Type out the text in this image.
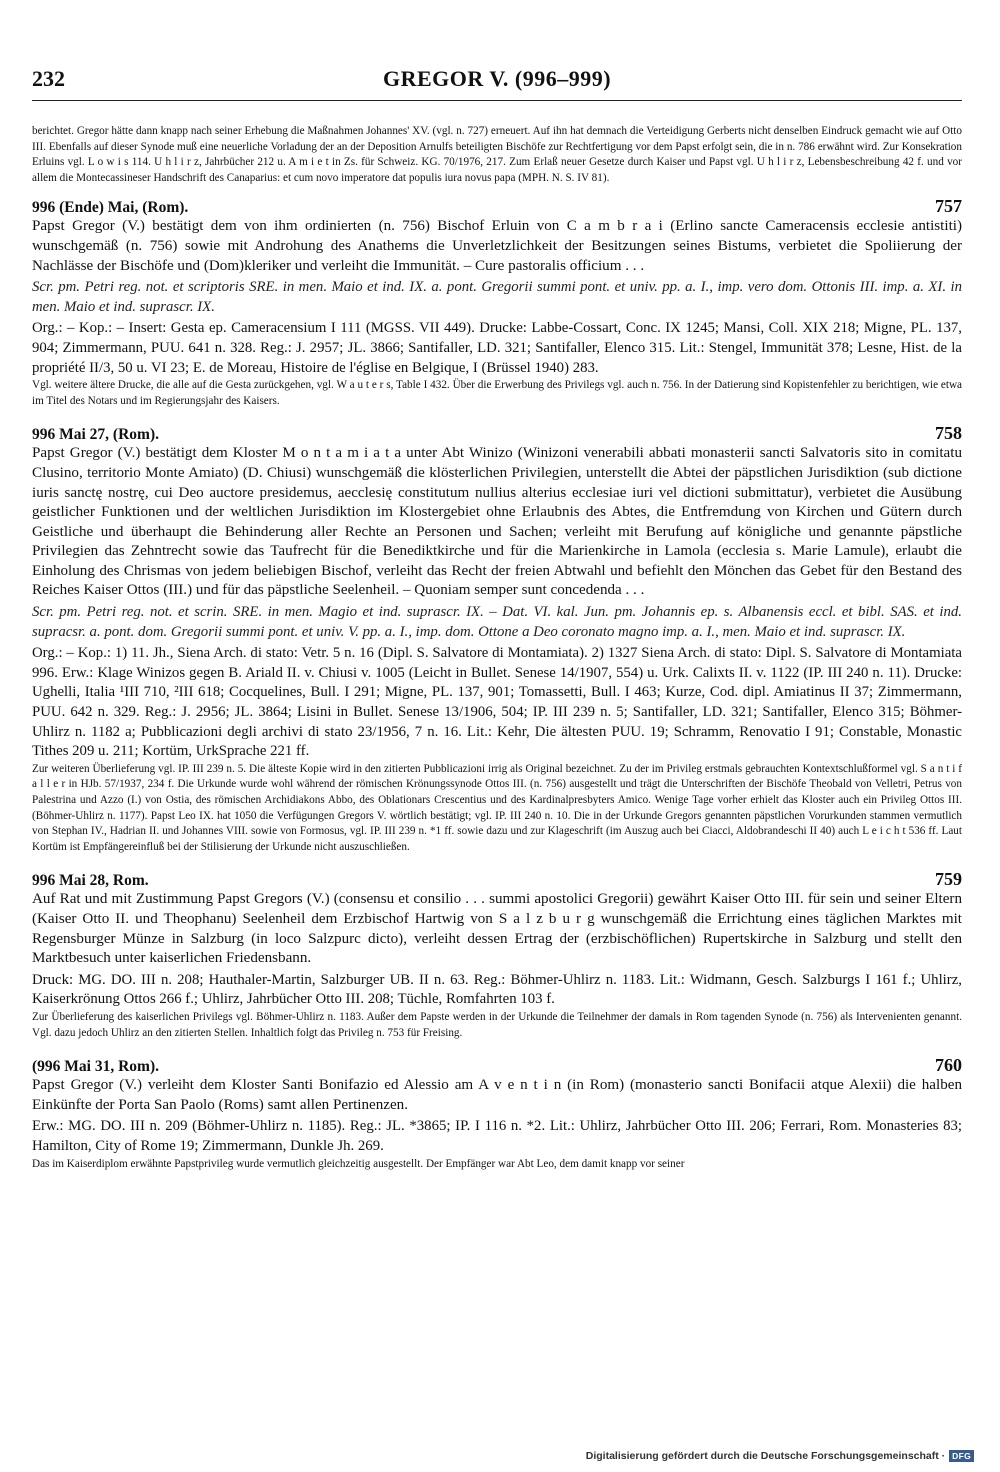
232	GREGOR V. (996–999)

berichtet. Gregor hätte dann knapp nach seiner Erhebung die Maßnahmen Johannes' XV. (vgl. n. 727) erneuert. Auf ihn hat demnach die Verteidigung Gerberts nicht denselben Eindruck gemacht wie auf Otto III. Ebenfalls auf dieser Synode muß eine neuerliche Vorladung der an der Deposition Arnulfs beteiligten Bischöfe zur Rechtfertigung vor dem Papst erfolgt sein, die in n. 786 erwähnt wird. Zur Konsekration Erluins vgl. L o w i s 114. U h l i r z, Jahrbücher 212 u. A m i e t in Zs. für Schweiz. KG. 70/1976, 217. Zum Erlaß neuer Gesetze durch Kaiser und Papst vgl. U h l i r z, Lebensbeschreibung 42 f. und vor allem die Montecassineser Handschrift des Canaparius: et cum novo imperatore dat populis iura novus papa (MPH. N. S. IV 81).

996 (Ende) Mai, (Rom).	757

Papst Gregor (V.) bestätigt dem von ihm ordinierten (n. 756) Bischof Erluin von C a m b r a i (Erlino sancte Cameracensis ecclesie antistiti) wunschgemäß (n. 756) sowie mit Androhung des Anathems die Unverletzlichkeit der Besitzungen seines Bistums, verbietet die Spoliierung der Nachlässe der Bischöfe und (Dom)kleriker und verleiht die Immunität. – Cure pastoralis officium . . .

Scr. pm. Petri reg. not. et scriptoris SRE. in men. Maio et ind. IX. a. pont. Gregorii summi pont. et univ. pp. a. I., imp. vero dom. Ottonis III. imp. a. XI. in men. Maio et ind. suprascr. IX.

Org.: – Kop.: – Insert: Gesta ep. Cameracensium I 111 (MGSS. VII 449). Drucke: Labbe-Cossart, Conc. IX 1245; Mansi, Coll. XIX 218; Migne, PL. 137, 904; Zimmermann, PUU. 641 n. 328. Reg.: J. 2957; JL. 3866; Santifaller, LD. 321; Santifaller, Elenco 315. Lit.: Stengel, Immunität 378; Lesne, Hist. de la propriété II/3, 50 u. VI 23; E. de Moreau, Histoire de l'église en Belgique, I (Brüssel 1940) 283.

Vgl. weitere ältere Drucke, die alle auf die Gesta zurückgehen, vgl. W a u t e r s, Table I 432. Über die Erwerbung des Privilegs vgl. auch n. 756. In der Datierung sind Kopistenfehler zu berichtigen, wie etwa im Titel des Notars und im Regierungsjahr des Kaisers.

996 Mai 27, (Rom).	758

Papst Gregor (V.) bestätigt dem Kloster M o n t a m i a t a unter Abt Winizo (Winizoni venerabili abbati monasterii sancti Salvatoris sito in comitatu Clusino, territorio Monte Amiato) (D. Chiusi) wunschgemäß die klösterlichen Privilegien, unterstellt die Abtei der päpstlichen Jurisdiktion (sub dictione iuris sanctę nostrę, cui Deo auctore presidemus, aecclesię constitutum nullius alterius ecclesiae iuri vel dictioni submittatur), verbietet die Ausübung geistlicher Funktionen und der weltlichen Jurisdiktion im Klostergebiet ohne Erlaubnis des Abtes, die Entfremdung von Kirchen und Gütern durch Geistliche und überhaupt die Behinderung aller Rechte an Personen und Sachen; verleiht mit Berufung auf königliche und genannte päpstliche Privilegien das Zehntrecht sowie das Taufrecht für die Benediktkirche und für die Marienkirche in Lamola (ecclesia s. Marie Lamule), erlaubt die Einholung des Chrismas von jedem beliebigen Bischof, verleiht das Recht der freien Abtwahl und befiehlt den Mönchen das Gebet für den Bestand des Reiches Kaiser Ottos (III.) und für das päpstliche Seelenheil. – Quoniam semper sunt concedenda . . .

Scr. pm. Petri reg. not. et scrin. SRE. in men. Magio et ind. suprascr. IX. – Dat. VI. kal. Jun. pm. Johannis ep. s. Albanensis eccl. et bibl. SAS. et ind. supracsr. a. pont. dom. Gregorii summi pont. et univ. V. pp. a. I., imp. dom. Ottone a Deo coronato magno imp. a. I., men. Maio et ind. suprascr. IX.

Org.: – Kop.: 1) 11. Jh., Siena Arch. di stato: Vetr. 5 n. 16 (Dipl. S. Salvatore di Montamiata). 2) 1327 Siena Arch. di stato: Dipl. S. Salvatore di Montamiata 996. Erw.: Klage Winizos gegen B. Ariald II. v. Chiusi v. 1005 (Leicht in Bullet. Senese 14/1907, 554) u. Urk. Calixts II. v. 1122 (IP. III 240 n. 11). Drucke: Ughelli, Italia ¹III 710, ²III 618; Cocquelines, Bull. I 291; Migne, PL. 137, 901; Tomassetti, Bull. I 463; Kurze, Cod. dipl. Amiatinus II 37; Zimmermann, PUU. 642 n. 329. Reg.: J. 2956; JL. 3864; Lisini in Bullet. Senese 13/1906, 504; IP. III 239 n. 5; Santifaller, LD. 321; Santifaller, Elenco 315; Böhmer-Uhlirz n. 1182 a; Pubblicazioni degli archivi di stato 23/1956, 7 n. 16. Lit.: Kehr, Die ältesten PUU. 19; Schramm, Renovatio I 91; Constable, Monastic Tithes 209 u. 211; Kortüm, UrkSprache 221 ff.

Zur weiteren Überlieferung vgl. IP. III 239 n. 5. Die älteste Kopie wird in den zitierten Pubblicazioni irrig als Original bezeichnet. Zu der im Privileg erstmals gebrauchten Kontextschlußformel vgl. S a n t i f a l l e r in HJb. 57/1937, 234 f. Die Urkunde wurde wohl während der römischen Krönungssynode Ottos III. (n. 756) ausgestellt und trägt die Unterschriften der Bischöfe Theobald von Velletri, Petrus von Palestrina und Azzo (I.) von Ostia, des römischen Archidiakons Abbo, des Oblationars Crescentius und des Kardinalpresbyters Amico. Wenige Tage vorher erhielt das Kloster auch ein Privileg Ottos III. (Böhmer-Uhlirz n. 1177). Papst Leo IX. hat 1050 die Verfügungen Gregors V. wörtlich bestätigt; vgl. IP. III 240 n. 10. Die in der Urkunde Gregors genannten päpstlichen Vorurkunden stammen vermutlich von Stephan IV., Hadrian II. und Johannes VIII. sowie von Formosus, vgl. IP. III 239 n. *1 ff. sowie dazu und zur Klageschrift (im Auszug auch bei Ciacci, Aldobrandeschi II 40) auch L e i c h t 536 ff. Laut Kortüm ist Empfängereinfluß bei der Stilisierung der Urkunde nicht auszuschließen.

996 Mai 28, Rom.	759

Auf Rat und mit Zustimmung Papst Gregors (V.) (consensu et consilio . . . summi apostolici Gregorii) gewährt Kaiser Otto III. für sein und seiner Eltern (Kaiser Otto II. und Theophanu) Seelenheil dem Erzbischof Hartwig von S a l z b u r g wunschgemäß die Errichtung eines täglichen Marktes mit Regensburger Münze in Salzburg (in loco Salzpurc dicto), verleiht dessen Ertrag der (erzbischöflichen) Rupertskirche in Salzburg und stellt den Marktbesuch unter kaiserlichen Friedensbann.

Druck: MG. DO. III n. 208; Hauthaler-Martin, Salzburger UB. II n. 63. Reg.: Böhmer-Uhlirz n. 1183. Lit.: Widmann, Gesch. Salzburgs I 161 f.; Uhlirz, Kaiserkrönung Ottos 266 f.; Uhlirz, Jahrbücher Otto III. 208; Tüchle, Romfahrten 103 f.

Zur Überlieferung des kaiserlichen Privilegs vgl. Böhmer-Uhlirz n. 1183. Außer dem Papste werden in der Urkunde die Teilnehmer der damals in Rom tagenden Synode (n. 756) als Intervenienten genannt. Vgl. dazu jedoch Uhlirz an den zitierten Stellen. Inhaltlich folgt das Privileg n. 753 für Freising.

(996 Mai 31, Rom).	760

Papst Gregor (V.) verleiht dem Kloster Santi Bonifazio ed Alessio am A v e n t i n (in Rom) (monasterio sancti Bonifacii atque Alexii) die halben Einkünfte der Porta San Paolo (Roms) samt allen Pertinenzen.

Erw.: MG. DO. III n. 209 (Böhmer-Uhlirz n. 1185). Reg.: JL. *3865; IP. I 116 n. *2. Lit.: Uhlirz, Jahrbücher Otto III. 206; Ferrari, Rom. Monasteries 83; Hamilton, City of Rome 19; Zimmermann, Dunkle Jh. 269.

Das im Kaiserdiplom erwähnte Papstprivileg wurde vermutlich gleichzeitig ausgestellt. Der Empfänger war Abt Leo, dem damit knapp vor seiner

Digitalisierung gefördert durch die Deutsche Forschungsgemeinschaft · DFG
